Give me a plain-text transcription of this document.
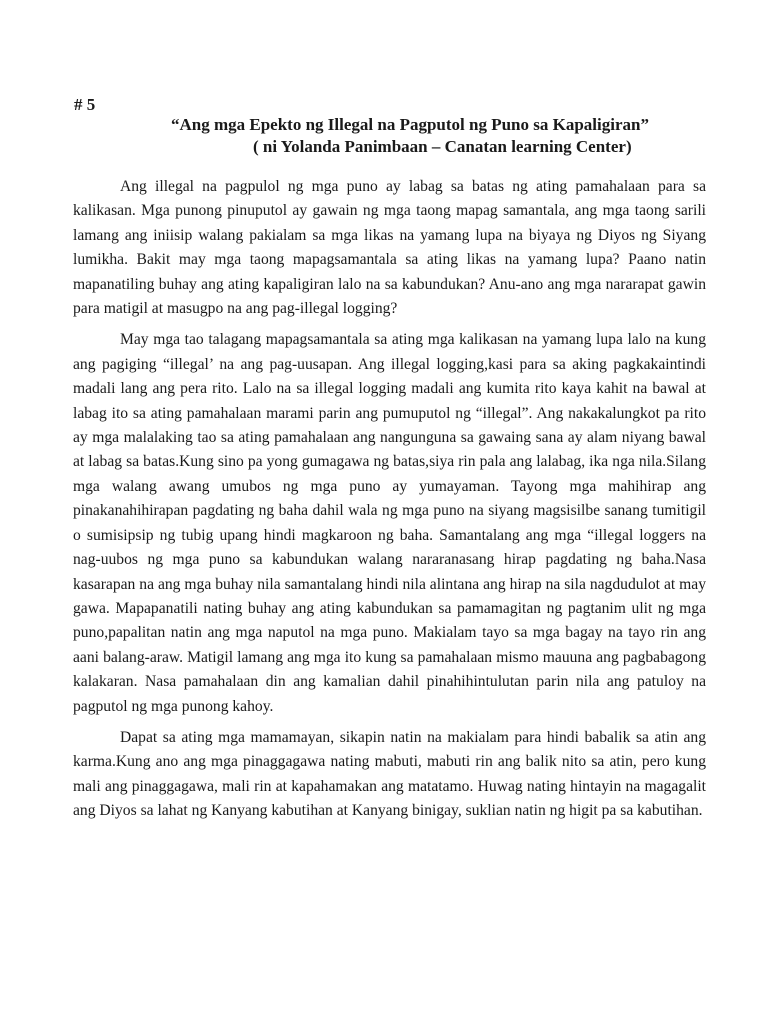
# 5
“Ang mga Epekto ng Illegal na Pagputol ng Puno sa Kapaligiran”
( ni Yolanda Panimbaan – Canatan learning Center)

Ang illegal na pagpulol ng mga puno ay labag sa batas ng ating pamahalaan para sa kalikasan. Mga punong pinuputol ay gawain ng mga taong mapag samantala, ang mga taong sarili lamang ang iniisip walang pakialam sa mga likas na yamang lupa na biyaya ng Diyos ng Siyang lumikha. Bakit may mga taong mapagsamantala sa ating likas na yamang lupa? Paano natin mapanatiling buhay ang ating kapaligiran lalo na sa kabundukan? Anu-ano ang mga nararapat gawin para matigil at masugpo na ang pag-illegal logging?

May mga tao talagang mapagsamantala sa ating mga kalikasan na yamang lupa lalo na kung ang pagiging “illegal’ na ang pag-uusapan. Ang illegal logging,kasi para sa aking pagkakaintindi madali lang ang pera rito. Lalo na sa illegal logging madali ang kumita rito kaya kahit na bawal at labag ito sa ating pamahalaan marami parin ang pumuputol ng “illegal”. Ang nakakalungkot pa rito ay mga malalaking tao sa ating pamahalaan ang nangunguna sa gawaing sana ay alam niyang bawal at labag sa batas.Kung sino pa yong gumagawa ng batas,siya rin pala ang lalabag, ika nga nila.Silang mga walang awang umubos ng mga puno ay yumayaman. Tayong mga mahihirap ang pinakanahihirapan pagdating ng baha dahil wala ng mga puno na siyang magsisilbe sanang tumitigil o sumisipsip ng tubig upang hindi magkaroon ng baha. Samantalang ang mga “illegal loggers na nag-uubos ng mga puno sa kabundukan walang nararanasang hirap pagdating ng baha.Nasa kasarapan na ang mga buhay nila samantalang hindi nila alintana ang hirap na sila nagdudulot at may gawa. Mapapanatili nating buhay ang ating kabundukan sa pamamagitan ng pagtanim ulit ng mga puno,papalitan natin ang mga naputol na mga puno. Makialam tayo sa mga bagay na tayo rin ang aani balang-araw. Matigil lamang ang mga ito kung sa pamahalaan mismo mauuna ang pagbabagong kalakaran. Nasa pamahalaan din ang kamalian dahil pinahihintulutan parin nila ang patuloy na pagputol ng mga punong kahoy.

Dapat sa ating mga mamamayan, sikapin natin na makialam para hindi babalik sa atin ang karma.Kung ano ang mga pinaggagawa nating mabuti, mabuti rin ang balik nito sa atin, pero kung mali ang pinaggagawa, mali rin at kapahamakan ang matatamo. Huwag nating hintayin na magagalit ang Diyos sa lahat ng Kanyang kabutihan at Kanyang binigay, suklian natin ng higit pa sa kabutihan.
